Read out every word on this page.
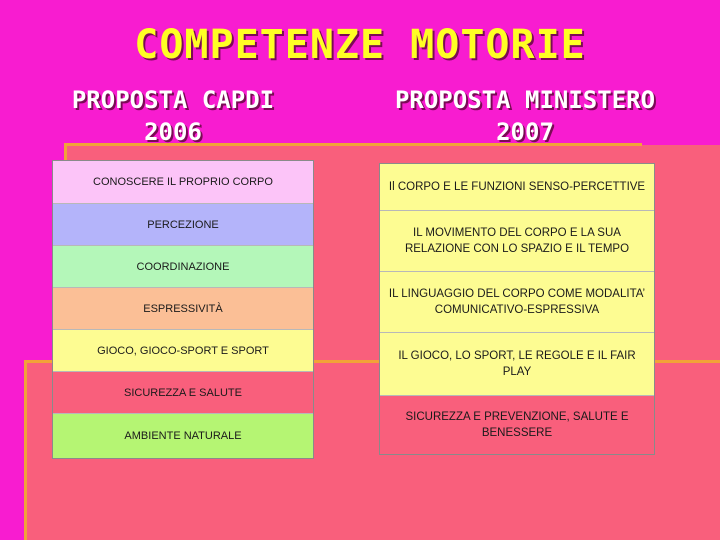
COMPETENZE MOTORIE
PROPOSTA CAPDI
2006
PROPOSTA MINISTERO
2007
CONOSCERE IL PROPRIO CORPO
PERCEZIONE
COORDINAZIONE
ESPRESSIVITÀ
GIOCO, GIOCO-SPORT E SPORT
SICUREZZA E SALUTE
AMBIENTE NATURALE
Il CORPO E LE FUNZIONI SENSO-PERCETTIVE
IL MOVIMENTO DEL CORPO E LA SUA
RELAZIONE CON LO SPAZIO E IL TEMPO
IL LINGUAGGIO DEL CORPO COME MODALITA’
COMUNICATIVO-ESPRESSIVA
IL GIOCO, LO SPORT, LE REGOLE E IL FAIR
PLAY
SICUREZZA E PREVENZIONE, SALUTE E
BENESSERE
